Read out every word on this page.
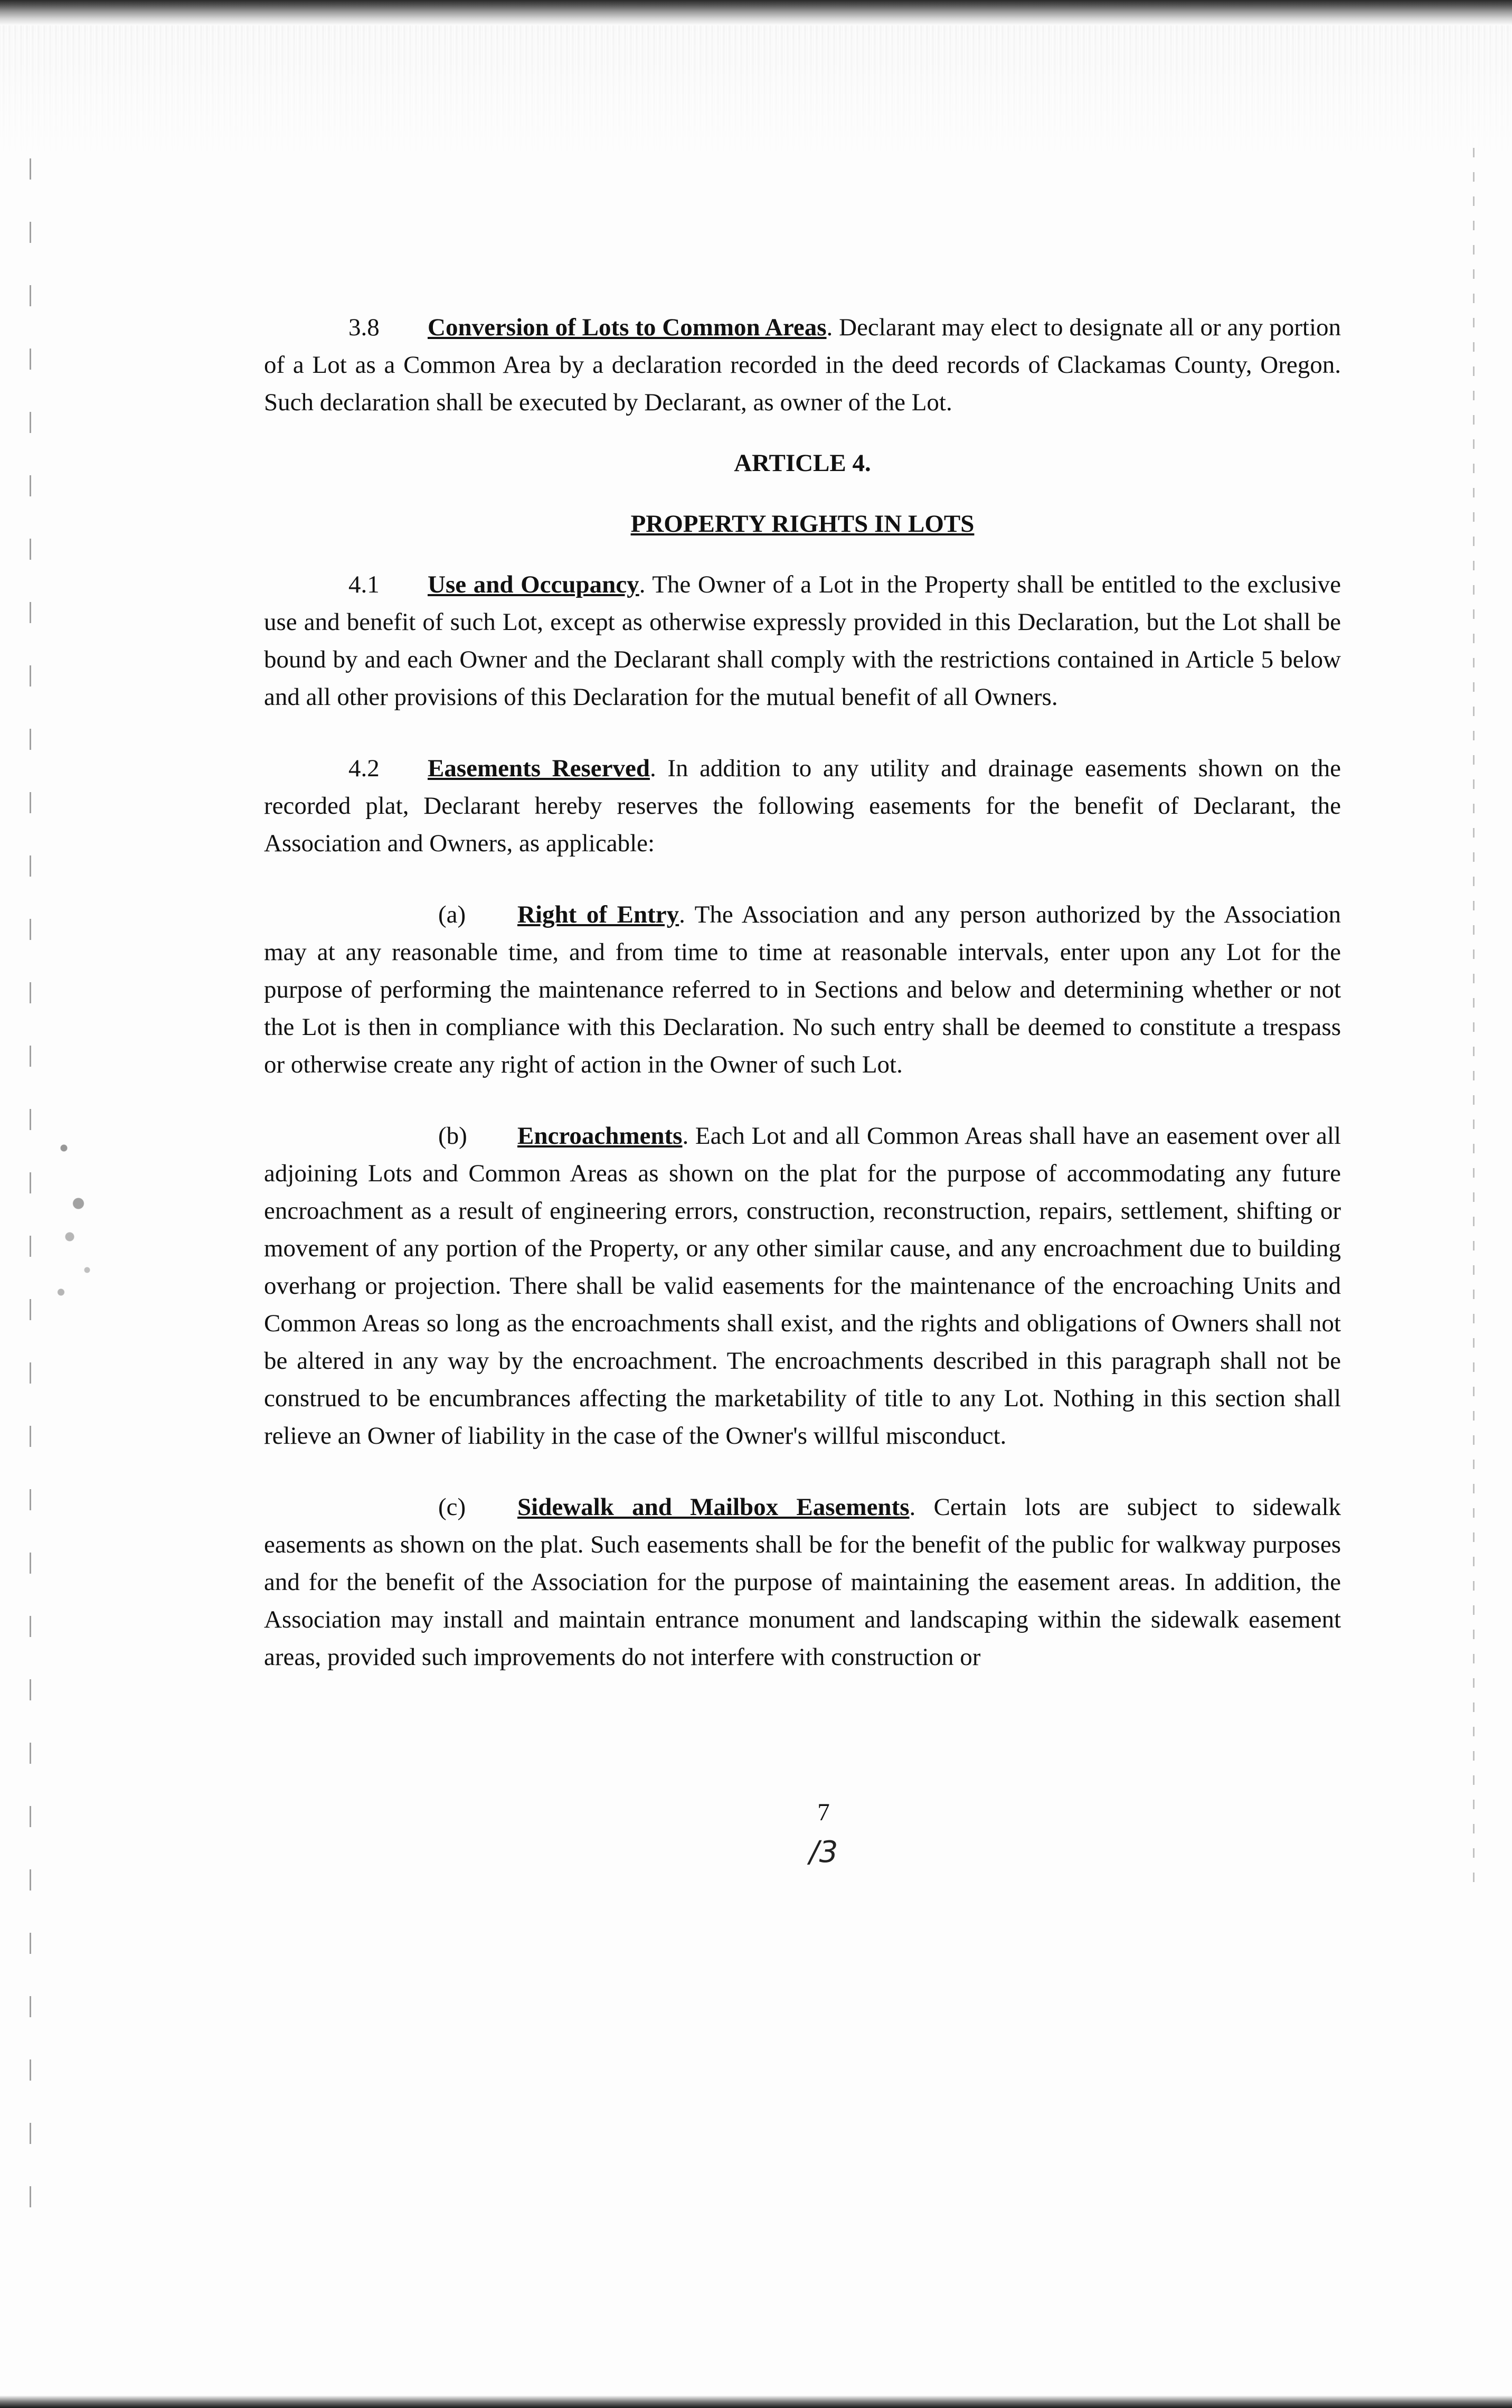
3.8 Conversion of Lots to Common Areas. Declarant may elect to designate all or any portion of a Lot as a Common Area by a declaration recorded in the deed records of Clackamas County, Oregon. Such declaration shall be executed by Declarant, as owner of the Lot.

ARTICLE 4.

PROPERTY RIGHTS IN LOTS

4.1 Use and Occupancy. The Owner of a Lot in the Property shall be entitled to the exclusive use and benefit of such Lot, except as otherwise expressly provided in this Declaration, but the Lot shall be bound by and each Owner and the Declarant shall comply with the restrictions contained in Article 5 below and all other provisions of this Declaration for the mutual benefit of all Owners.

4.2 Easements Reserved. In addition to any utility and drainage easements shown on the recorded plat, Declarant hereby reserves the following easements for the benefit of Declarant, the Association and Owners, as applicable:

(a) Right of Entry. The Association and any person authorized by the Association may at any reasonable time, and from time to time at reasonable intervals, enter upon any Lot for the purpose of performing the maintenance referred to in Sections and below and determining whether or not the Lot is then in compliance with this Declaration. No such entry shall be deemed to constitute a trespass or otherwise create any right of action in the Owner of such Lot.

(b) Encroachments. Each Lot and all Common Areas shall have an easement over all adjoining Lots and Common Areas as shown on the plat for the purpose of accommodating any future encroachment as a result of engineering errors, construction, reconstruction, repairs, settlement, shifting or movement of any portion of the Property, or any other similar cause, and any encroachment due to building overhang or projection. There shall be valid easements for the maintenance of the encroaching Units and Common Areas so long as the encroachments shall exist, and the rights and obligations of Owners shall not be altered in any way by the encroachment. The encroachments described in this paragraph shall not be construed to be encumbrances affecting the marketability of title to any Lot. Nothing in this section shall relieve an Owner of liability in the case of the Owner's willful misconduct.

(c) Sidewalk and Mailbox Easements. Certain lots are subject to sidewalk easements as shown on the plat. Such easements shall be for the benefit of the public for walkway purposes and for the benefit of the Association for the purpose of maintaining the easement areas. In addition, the Association may install and maintain entrance monument and landscaping within the sidewalk easement areas, provided such improvements do not interfere with construction or

7
/3
